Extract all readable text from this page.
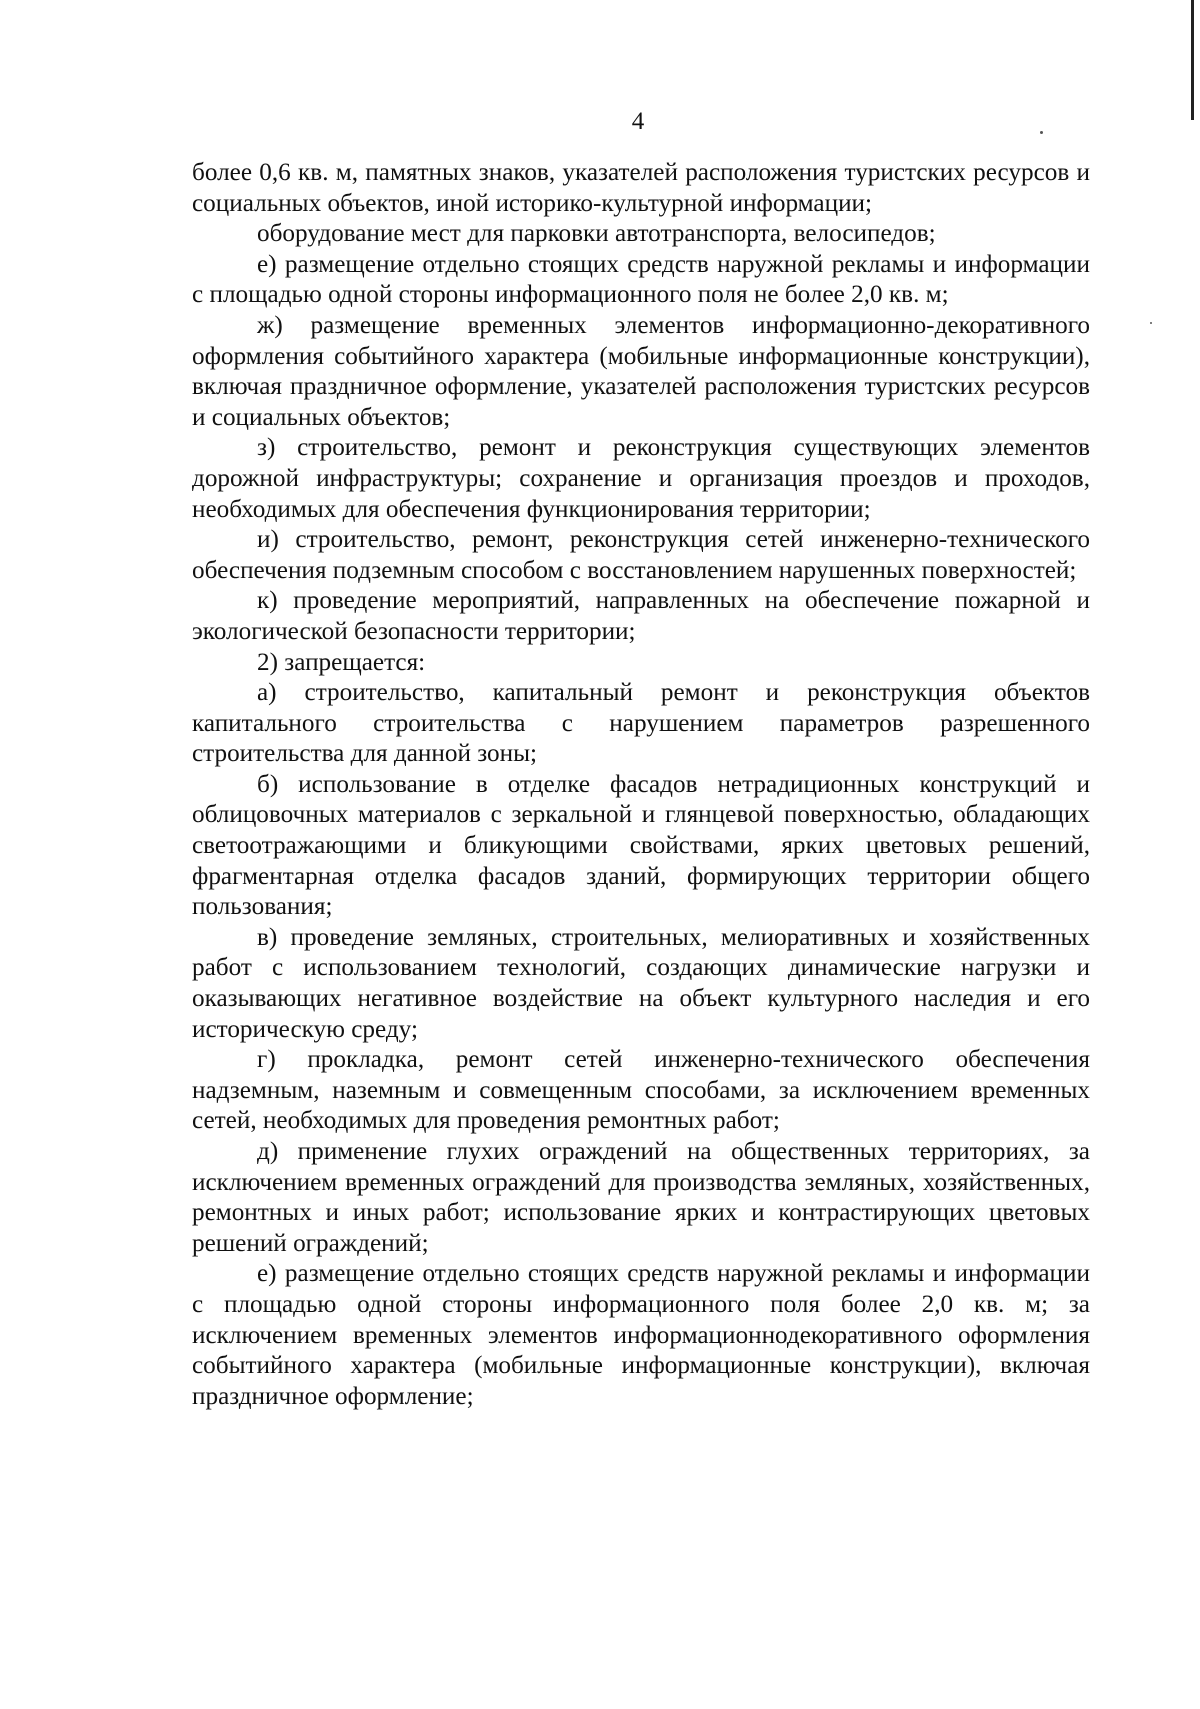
4

более 0,6 кв. м, памятных знаков, указателей расположения туристских ресурсов и социальных объектов, иной историко-культурной информации;

оборудование мест для парковки автотранспорта, велосипедов;

е) размещение отдельно стоящих средств наружной рекламы и информации с площадью одной стороны информационного поля не более 2,0 кв. м;

ж) размещение временных элементов информационно-декоративного оформления событийного характера (мобильные информационные конструкции), включая праздничное оформление, указателей расположения туристских ресурсов и социальных объектов;

з) строительство, ремонт и реконструкция существующих элементов дорожной инфраструктуры; сохранение и организация проездов и проходов, необходимых для обеспечения функционирования территории;

и) строительство, ремонт, реконструкция сетей инженерно-технического обеспечения подземным способом с восстановлением нарушенных поверхностей;

к) проведение мероприятий, направленных на обеспечение пожарной и экологической безопасности территории;

2) запрещается:

а) строительство, капитальный ремонт и реконструкция объектов капитального строительства с нарушением параметров разрешенного строительства для данной зоны;

б) использование в отделке фасадов нетрадиционных конструкций и облицовочных материалов с зеркальной и глянцевой поверхностью, обладающих светоотражающими и бликующими свойствами, ярких цветовых решений, фрагментарная отделка фасадов зданий, формирующих территории общего пользования;

в) проведение земляных, строительных, мелиоративных и хозяйственных работ с использованием технологий, создающих динамические нагрузки и оказывающих негативное воздействие на объект культурного наследия и его историческую среду;

г) прокладка, ремонт сетей инженерно-технического обеспечения надземным, наземным и совмещенным способами, за исключением временных сетей, необходимых для проведения ремонтных работ;

д) применение глухих ограждений на общественных территориях, за исключением временных ограждений для производства земляных, хозяйственных, ремонтных и иных работ; использование ярких и контрастирующих цветовых решений ограждений;

е) размещение отдельно стоящих средств наружной рекламы и информации с площадью одной стороны информационного поля более 2,0 кв. м; за исключением временных элементов информационнодекоративного оформления событийного характера (мобильные информационные конструкции), включая праздничное оформление;
